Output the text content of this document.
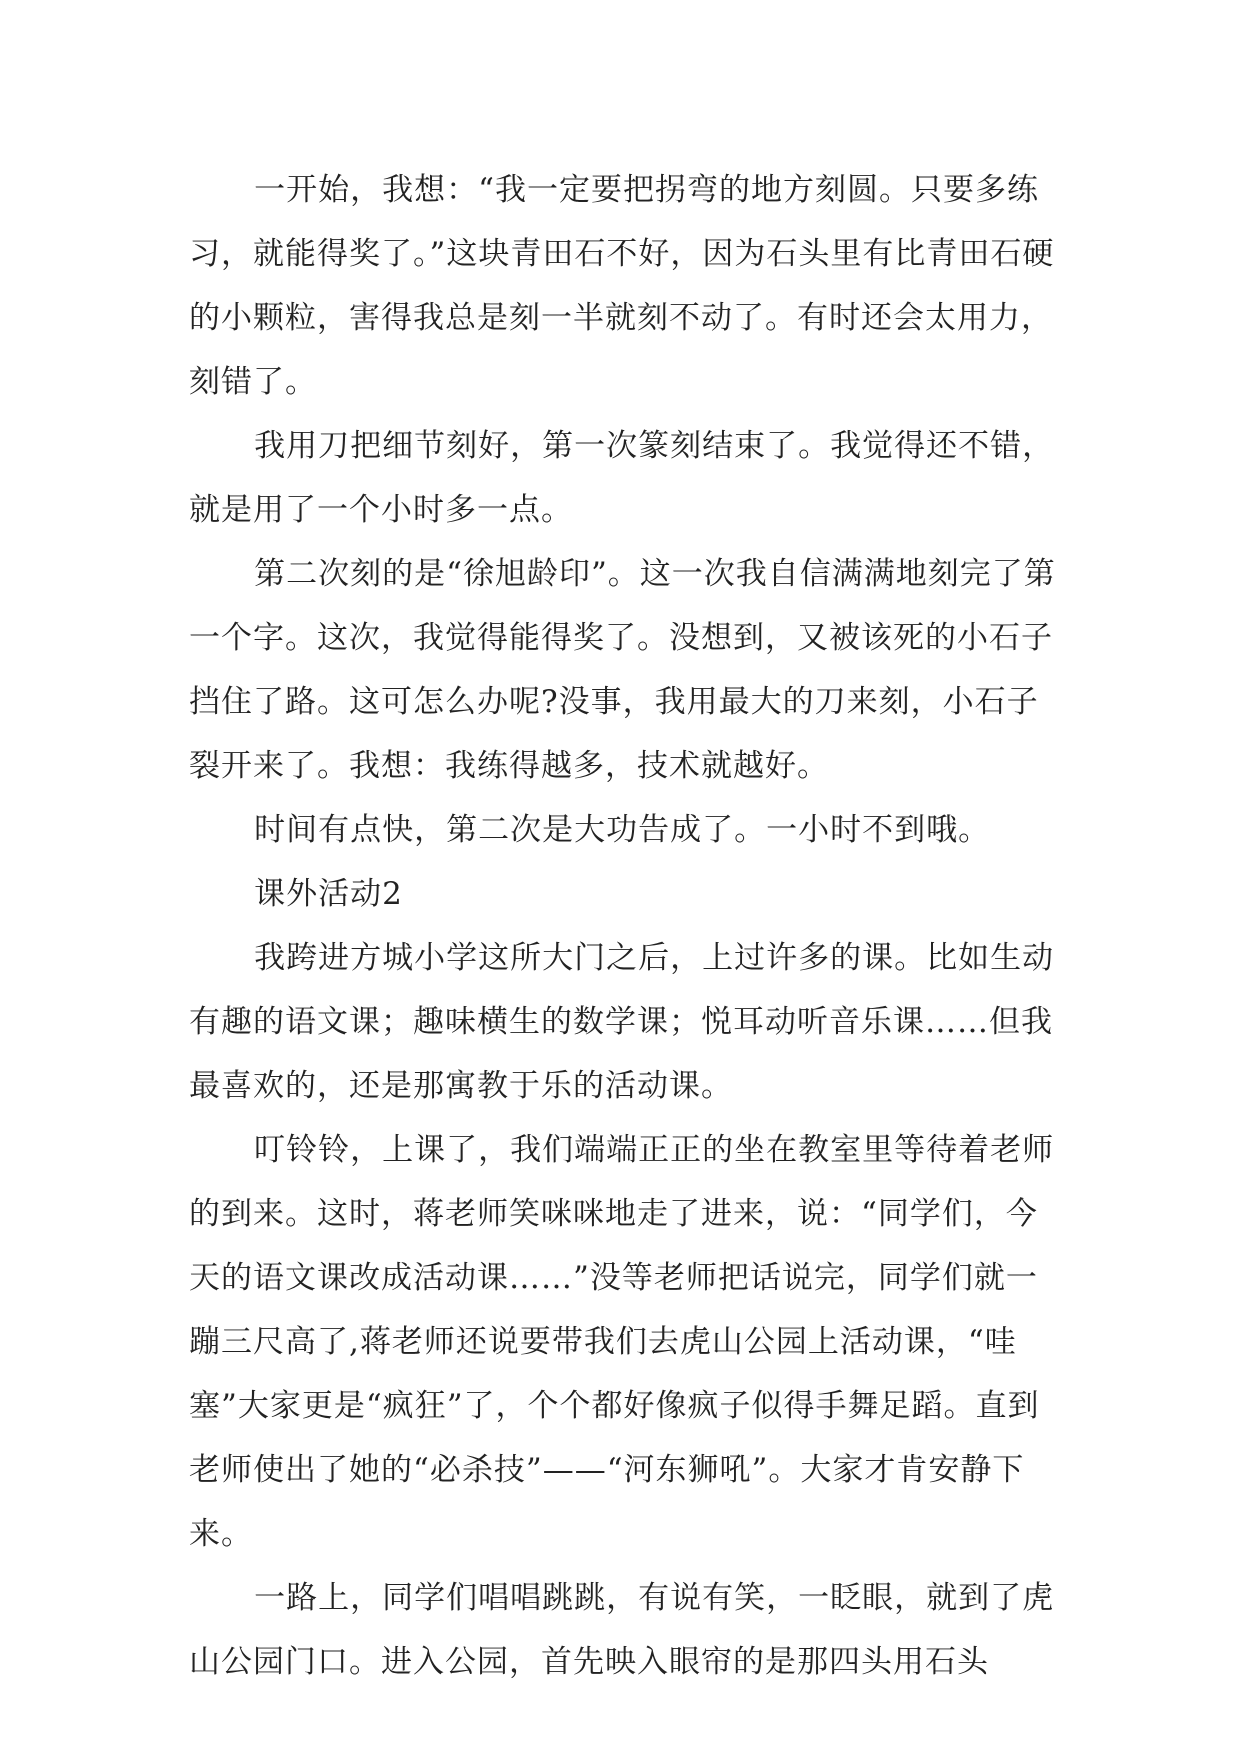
一开始，我想：“我一定要把拐弯的地方刻圆。只要多练习，就能得奖了。”这块青田石不好，因为石头里有比青田石硬的小颗粒，害得我总是刻一半就刻不动了。有时还会太用力，刻错了。

我用刀把细节刻好，第一次篆刻结束了。我觉得还不错，就是用了一个小时多一点。

第二次刻的是“徐旭龄印”。这一次我自信满满地刻完了第一个字。这次，我觉得能得奖了。没想到，又被该死的小石子挡住了路。这可怎么办呢?没事，我用最大的刀来刻，小石子裂开来了。我想：我练得越多，技术就越好。

时间有点快，第二次是大功告成了。一小时不到哦。

课外活动2

我跨进方城小学这所大门之后，上过许多的课。比如生动有趣的语文课；趣味横生的数学课；悦耳动听音乐课……但我最喜欢的，还是那寓教于乐的活动课。

叮铃铃，上课了，我们端端正正的坐在教室里等待着老师的到来。这时，蒋老师笑咪咪地走了进来，说：“同学们，今天的语文课改成活动课……”没等老师把话说完，同学们就一蹦三尺高了,蒋老师还说要带我们去虎山公园上活动课，“哇塞”大家更是“疯狂”了，个个都好像疯子似得手舞足蹈。直到老师使出了她的“必杀技”——“河东狮吼”。大家才肯安静下来。

一路上，同学们唱唱跳跳，有说有笑，一眨眼，就到了虎山公园门口。进入公园，首先映入眼帘的是那四头用石头
